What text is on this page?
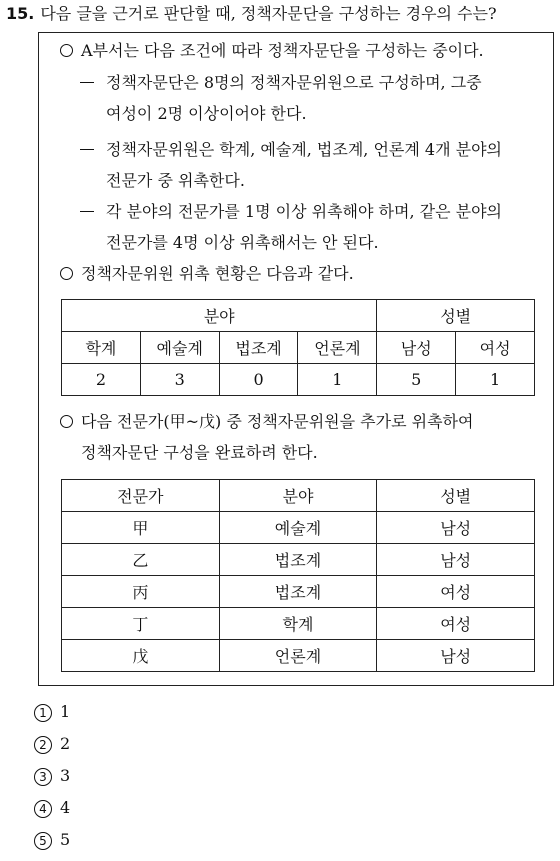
15. 다음 글을 근거로 판단할 때, 정책자문단을 구성하는 경우의 수는?
A부서는 다음 조건에 따라 정책자문단을 구성하는 중이다.
정책자문단은 8명의 정책자문위원으로 구성하며, 그중
여성이 2명 이상이어야 한다.
정책자문위원은 학계, 예술계, 법조계, 언론계 4개 분야의
전문가 중 위촉한다.
각 분야의 전문가를 1명 이상 위촉해야 하며, 같은 분야의
전문가를 4명 이상 위촉해서는 안 된다.
정책자문위원 위촉 현황은 다음과 같다.
분야				성별	
학계	예술계	법조계	언론계	남성	여성
2	3	0	1	5	1
다음 전문가(甲~戊) 중 정책자문위원을 추가로 위촉하여
정책자문단 구성을 완료하려 한다.
전문가	분야	성별
甲	예술계	남성
乙	법조계	남성
丙	법조계	여성
丁	학계	여성
戊	언론계	남성
1 1
2 2
3 3
4 4
5 5
